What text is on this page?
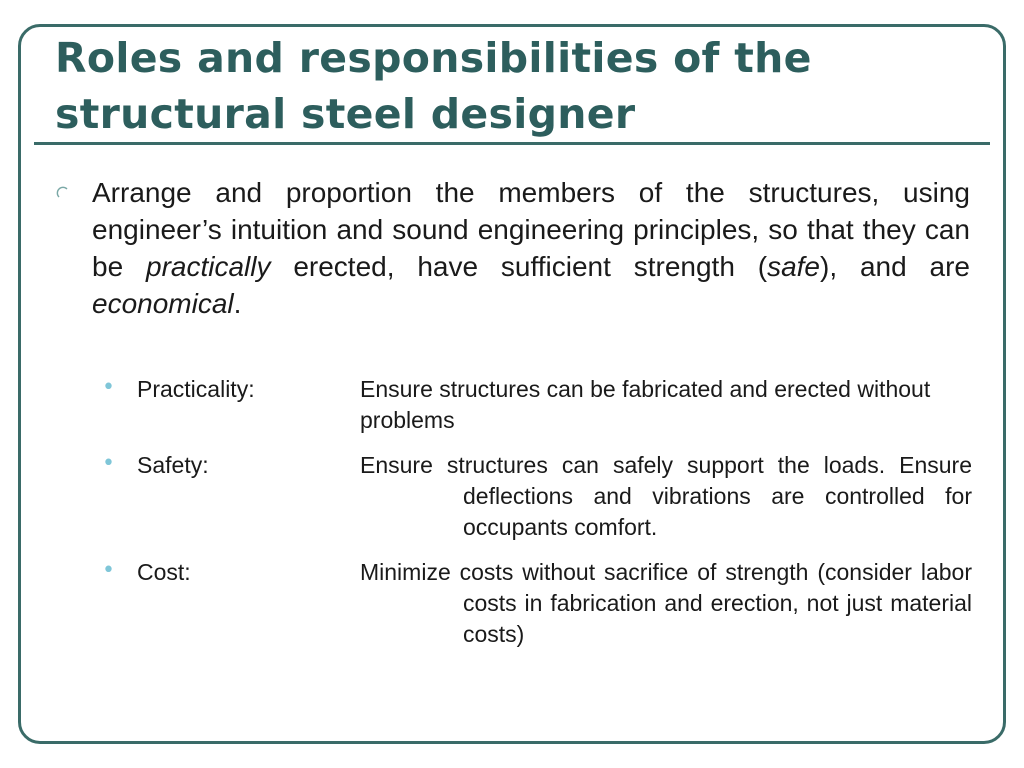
Roles and responsibilities of the structural steel designer

Arrange and proportion the members of the structures, using engineer’s intuition and sound engineering principles, so that they can be practically erected, have sufficient strength (safe), and are economical.

• Practicality:	Ensure structures can be fabricated and erected without problems

• Safety:	Ensure structures can safely support the loads. Ensure deflections and vibrations are controlled for occupants comfort.

• Cost:	Minimize costs without sacrifice of strength (consider labor costs in fabrication and erection, not just material costs)
